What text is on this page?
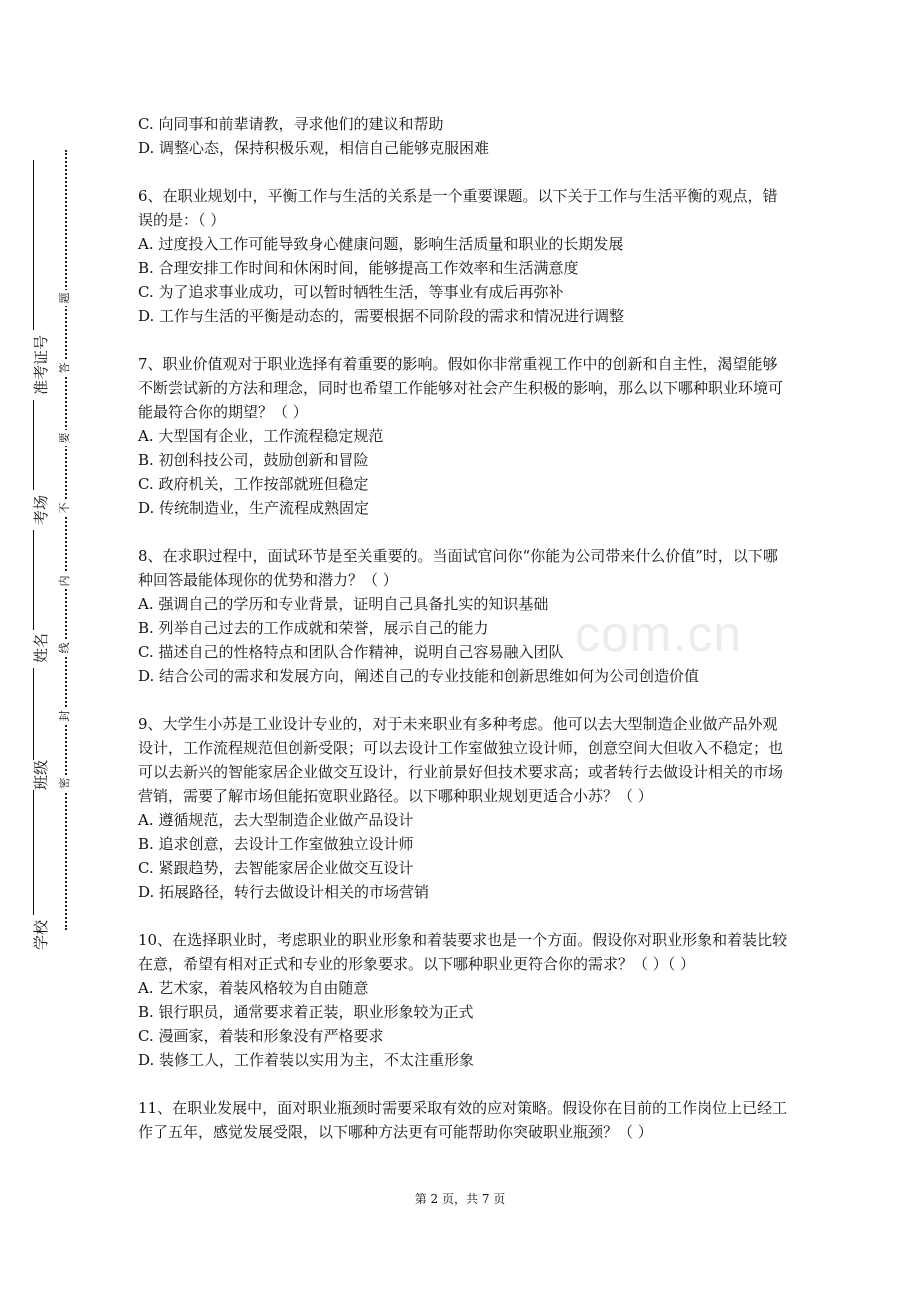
学校
班级
姓名
考场
准考证号
密
封
线
内
不
要
答
题
com.cn
C. 向同事和前辈请教，寻求他们的建议和帮助
D. 调整心态，保持积极乐观，相信自己能够克服困难
6、在职业规划中，平衡工作与生活的关系是一个重要课题。以下关于工作与生活平衡的观点，错误的是：（ ）
A. 过度投入工作可能导致身心健康问题，影响生活质量和职业的长期发展
B. 合理安排工作时间和休闲时间，能够提高工作效率和生活满意度
C. 为了追求事业成功，可以暂时牺牲生活，等事业有成后再弥补
D. 工作与生活的平衡是动态的，需要根据不同阶段的需求和情况进行调整
7、职业价值观对于职业选择有着重要的影响。假如你非常重视工作中的创新和自主性，渴望能够不断尝试新的方法和理念，同时也希望工作能够对社会产生积极的影响，那么以下哪种职业环境可能最符合你的期望？（ ）
A. 大型国有企业，工作流程稳定规范
B. 初创科技公司，鼓励创新和冒险
C. 政府机关，工作按部就班但稳定
D. 传统制造业，生产流程成熟固定
8、在求职过程中，面试环节是至关重要的。当面试官问你“你能为公司带来什么价值”时，以下哪种回答最能体现你的优势和潜力？（ ）
A. 强调自己的学历和专业背景，证明自己具备扎实的知识基础
B. 列举自己过去的工作成就和荣誉，展示自己的能力
C. 描述自己的性格特点和团队合作精神，说明自己容易融入团队
D. 结合公司的需求和发展方向，阐述自己的专业技能和创新思维如何为公司创造价值
9、大学生小苏是工业设计专业的，对于未来职业有多种考虑。他可以去大型制造企业做产品外观设计，工作流程规范但创新受限；可以去设计工作室做独立设计师，创意空间大但收入不稳定；也可以去新兴的智能家居企业做交互设计，行业前景好但技术要求高；或者转行去做设计相关的市场营销，需要了解市场但能拓宽职业路径。以下哪种职业规划更适合小苏？（ ）
A. 遵循规范，去大型制造企业做产品设计
B. 追求创意，去设计工作室做独立设计师
C. 紧跟趋势，去智能家居企业做交互设计
D. 拓展路径，转行去做设计相关的市场营销
10、在选择职业时，考虑职业的职业形象和着装要求也是一个方面。假设你对职业形象和着装比较在意，希望有相对正式和专业的形象要求。以下哪种职业更符合你的需求？（ ）（ ）
A. 艺术家，着装风格较为自由随意
B. 银行职员，通常要求着正装，职业形象较为正式
C. 漫画家，着装和形象没有严格要求
D. 装修工人，工作着装以实用为主，不太注重形象
11、在职业发展中，面对职业瓶颈时需要采取有效的应对策略。假设你在目前的工作岗位上已经工作了五年，感觉发展受限，以下哪种方法更有可能帮助你突破职业瓶颈？（ ）
第 2 页，共 7 页
